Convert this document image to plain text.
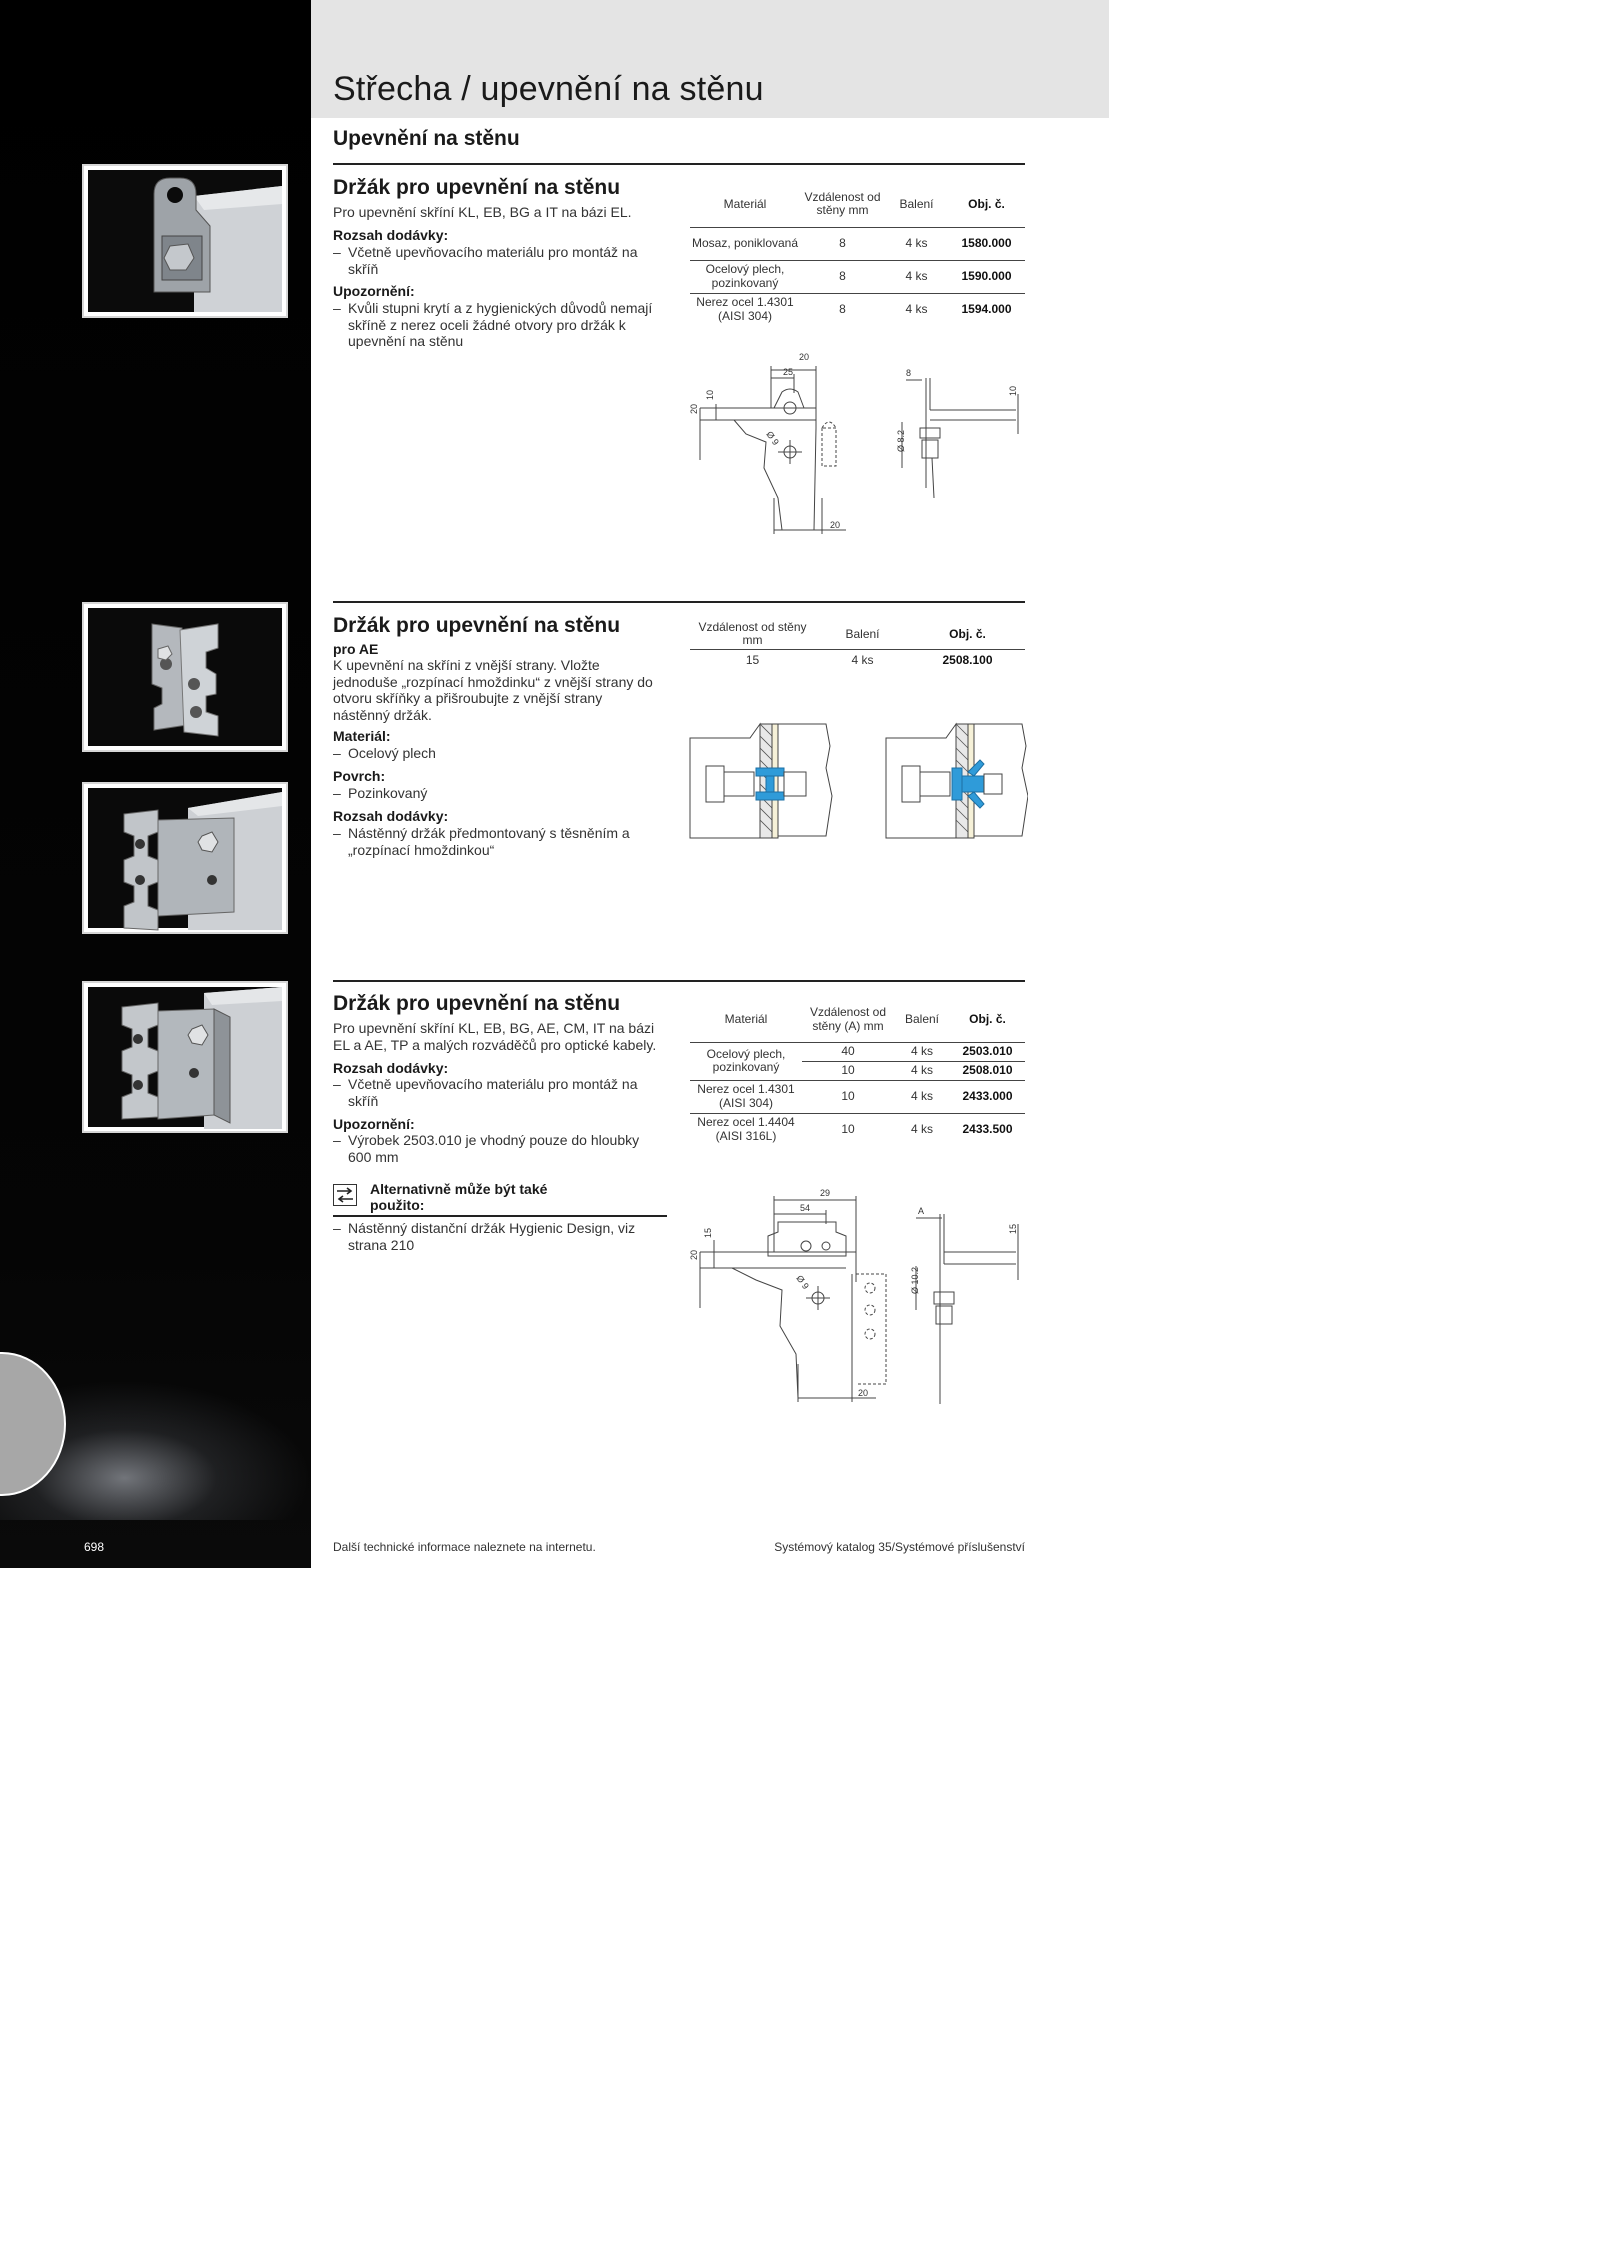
Střecha / upevnění na stěnu
Upevnění na stěnu
Držák pro upevnění na stěnu
Pro upevnění skříní KL, EB, BG a IT na bázi EL.
Rozsah dodávky:
– Včetně upevňovacího materiálu pro montáž na skříň
Upozornění:
– Kvůli stupni krytí a z hygienických důvodů nemají skříně z nerez oceli žádné otvory pro držák k upevnění na stěnu
Materiál	Vzdálenost od stěny mm	Balení	Obj. č.
Mosaz, poniklovaná	8	4 ks	1580.000
Ocelový plech, pozinkovaný	8	4 ks	1590.000
Nerez ocel 1.4301 (AISI 304)	8	4 ks	1594.000
20
25
20
10
Ø 9
20
8
10
Ø 8.2
Držák pro upevnění na stěnu
pro AE
K upevnění na skříni z vnější strany. Vložte jednoduše „rozpínací hmoždinku“ z vnější strany do otvoru skříňky a přišroubujte z vnější strany nástěnný držák.
Materiál:
– Ocelový plech
Povrch:
– Pozinkovaný
Rozsah dodávky:
– Nástěnný držák předmontovaný s těsněním a „rozpínací hmoždinkou“
Vzdálenost od stěny mm	Balení	Obj. č.
15	4 ks	2508.100
Držák pro upevnění na stěnu
Pro upevnění skříní KL, EB, BG, AE, CM, IT na bázi EL a AE, TP a malých rozváděčů pro optické kabely.
Rozsah dodávky:
– Včetně upevňovacího materiálu pro montáž na skříň
Upozornění:
– Výrobek 2503.010 je vhodný pouze do hloubky 600 mm
Alternativně může být také použito:
– Nástěnný distanční držák Hygienic Design, viz strana 210
Materiál	Vzdálenost od stěny (A) mm	Balení	Obj. č.
Ocelový plech, pozinkovaný	40	4 ks	2503.010
	10	4 ks	2508.010
Nerez ocel 1.4301 (AISI 304)	10	4 ks	2433.000
Nerez ocel 1.4404 (AISI 316L)	10	4 ks	2433.500
29
54
20
15
Ø 9
20
A
15
Ø 10.2
698	Další technické informace naleznete na internetu.	Systémový katalog 35/Systémové příslušenství
